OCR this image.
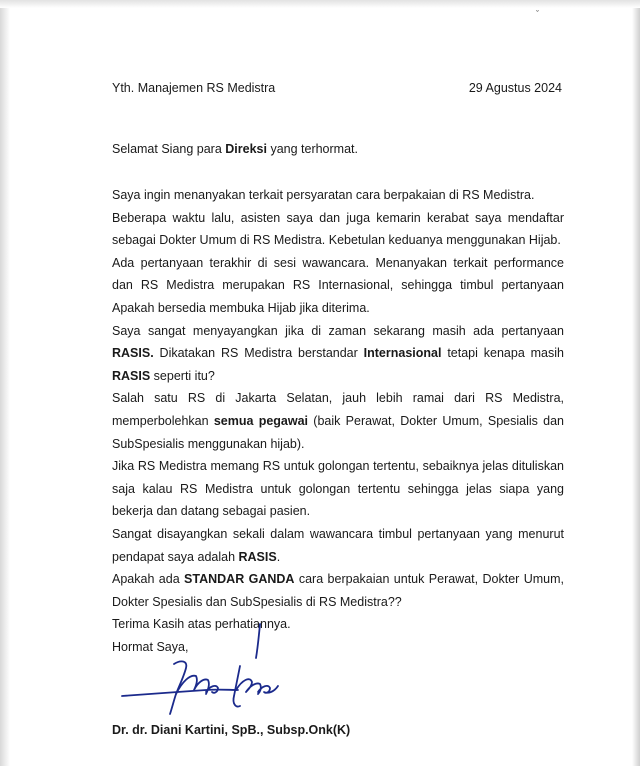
ˇ
Yth. Manajemen RS Medistra	29 Agustus 2024
Selamat Siang para Direksi yang terhormat.

Saya ingin menanyakan terkait persyaratan cara berpakaian di RS Medistra.

Beberapa waktu lalu, asisten saya dan juga kemarin kerabat saya mendaftar sebagai Dokter Umum di RS Medistra. Kebetulan keduanya menggunakan Hijab.

Ada pertanyaan terakhir di sesi wawancara. Menanyakan terkait performance dan RS Medistra merupakan RS Internasional, sehingga timbul pertanyaan Apakah bersedia membuka Hijab jika diterima.

Saya sangat menyayangkan jika di zaman sekarang masih ada pertanyaan RASIS. Dikatakan RS Medistra berstandar Internasional tetapi kenapa masih RASIS seperti itu?

Salah satu RS di Jakarta Selatan, jauh lebih ramai dari RS Medistra, memperbolehkan semua pegawai (baik Perawat, Dokter Umum, Spesialis dan SubSpesialis menggunakan hijab).

Jika RS Medistra memang RS untuk golongan tertentu, sebaiknya jelas dituliskan saja kalau RS Medistra untuk golongan tertentu sehingga jelas siapa yang bekerja dan datang sebagai pasien.

Sangat disayangkan sekali dalam wawancara timbul pertanyaan yang menurut pendapat saya adalah RASIS.

Apakah ada STANDAR GANDA cara berpakaian untuk Perawat, Dokter Umum, Dokter Spesialis dan SubSpesialis di RS Medistra??

Terima Kasih atas perhatiannya.

Hormat Saya,
Dr. dr. Diani Kartini, SpB., Subsp.Onk(K)
